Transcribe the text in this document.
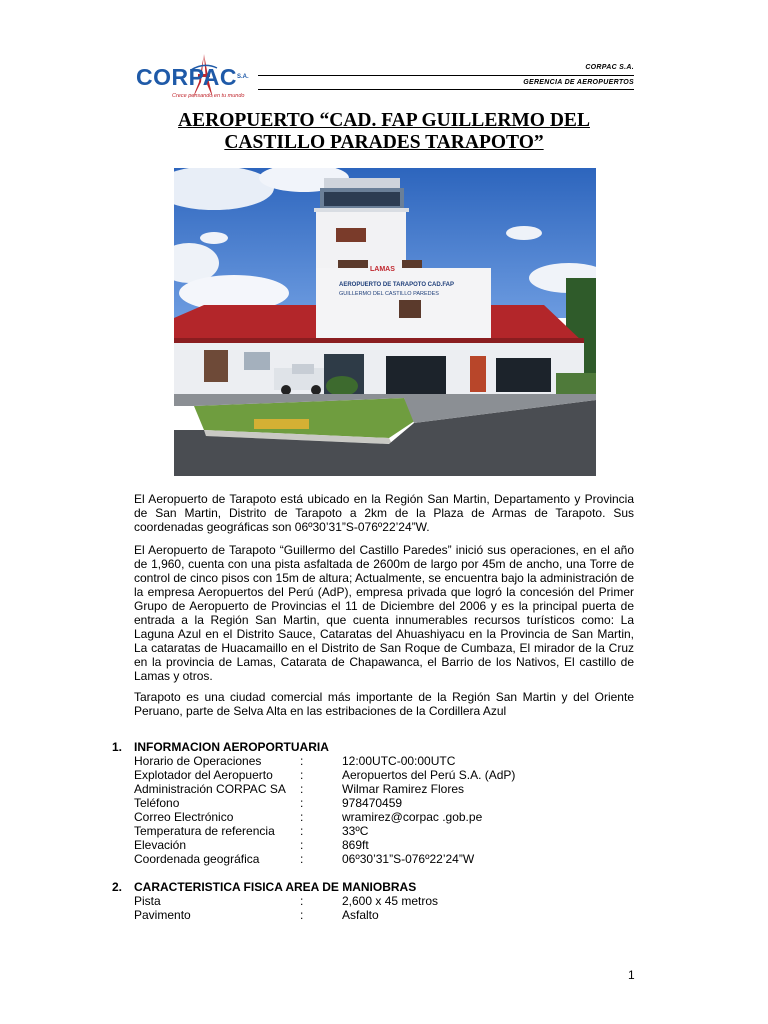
CORPAC S.A.
Crece pensando en tu mundo
CORPAC S.A.
GERENCIA DE AEROPUERTOS
AEROPUERTO “CAD. FAP GUILLERMO DEL
CASTILLO PARADES TARAPOTO”
LAMAS
AEROPUERTO DE TARAPOTO CAD.FAP
GUILLERMO DEL CASTILLO PAREDES
El Aeropuerto de Tarapoto está ubicado en la Región San Martin, Departamento y Provincia de San Martin, Distrito de Tarapoto a 2km de la Plaza de Armas de Tarapoto. Sus coordenadas geográficas son 06º30’31”S-076º22’24”W.
El Aeropuerto de Tarapoto “Guillermo del Castillo Paredes” inició sus operaciones, en el año de 1,960, cuenta con una pista asfaltada de 2600m de largo por 45m de ancho, una Torre de control de cinco pisos con 15m de altura; Actualmente, se encuentra bajo la administración de la empresa Aeropuertos del Perú (AdP), empresa privada que logró la concesión del Primer Grupo de Aeropuerto de Provincias el 11 de Diciembre del 2006 y es la principal puerta de entrada a la Región San Martin, que cuenta innumerables recursos turísticos como: La Laguna Azul en el Distrito Sauce, Cataratas del Ahuashiyacu en la Provincia de San Martin, La cataratas de Huacamaillo en el Distrito de San Roque de Cumbaza, El mirador de la Cruz en la provincia de Lamas, Catarata de Chapawanca, el Barrio de los Nativos, El castillo de Lamas y otros.
Tarapoto es una ciudad comercial más importante de la Región San Martin y del Oriente Peruano, parte de Selva Alta en las estribaciones de la Cordillera Azul
1. INFORMACION AEROPORTUARIA
Horario de Operaciones	:	12:00UTC-00:00UTC
Explotador del Aeropuerto :	Aeropuertos del Perú S.A. (AdP)
Administración CORPAC SA :	Wilmar Ramirez Flores
Teléfono	:	978470459
Correo Electrónico	:	wramirez@corpac .gob.pe
Temperatura de referencia :	33ºC
Elevación	:	869ft
Coordenada geográfica	:	06º30’31”S-076º22’24”W
2. CARACTERISTICA FISICA AREA DE MANIOBRAS
Pista	:	2,600 x 45 metros
Pavimento	:	Asfalto
1
